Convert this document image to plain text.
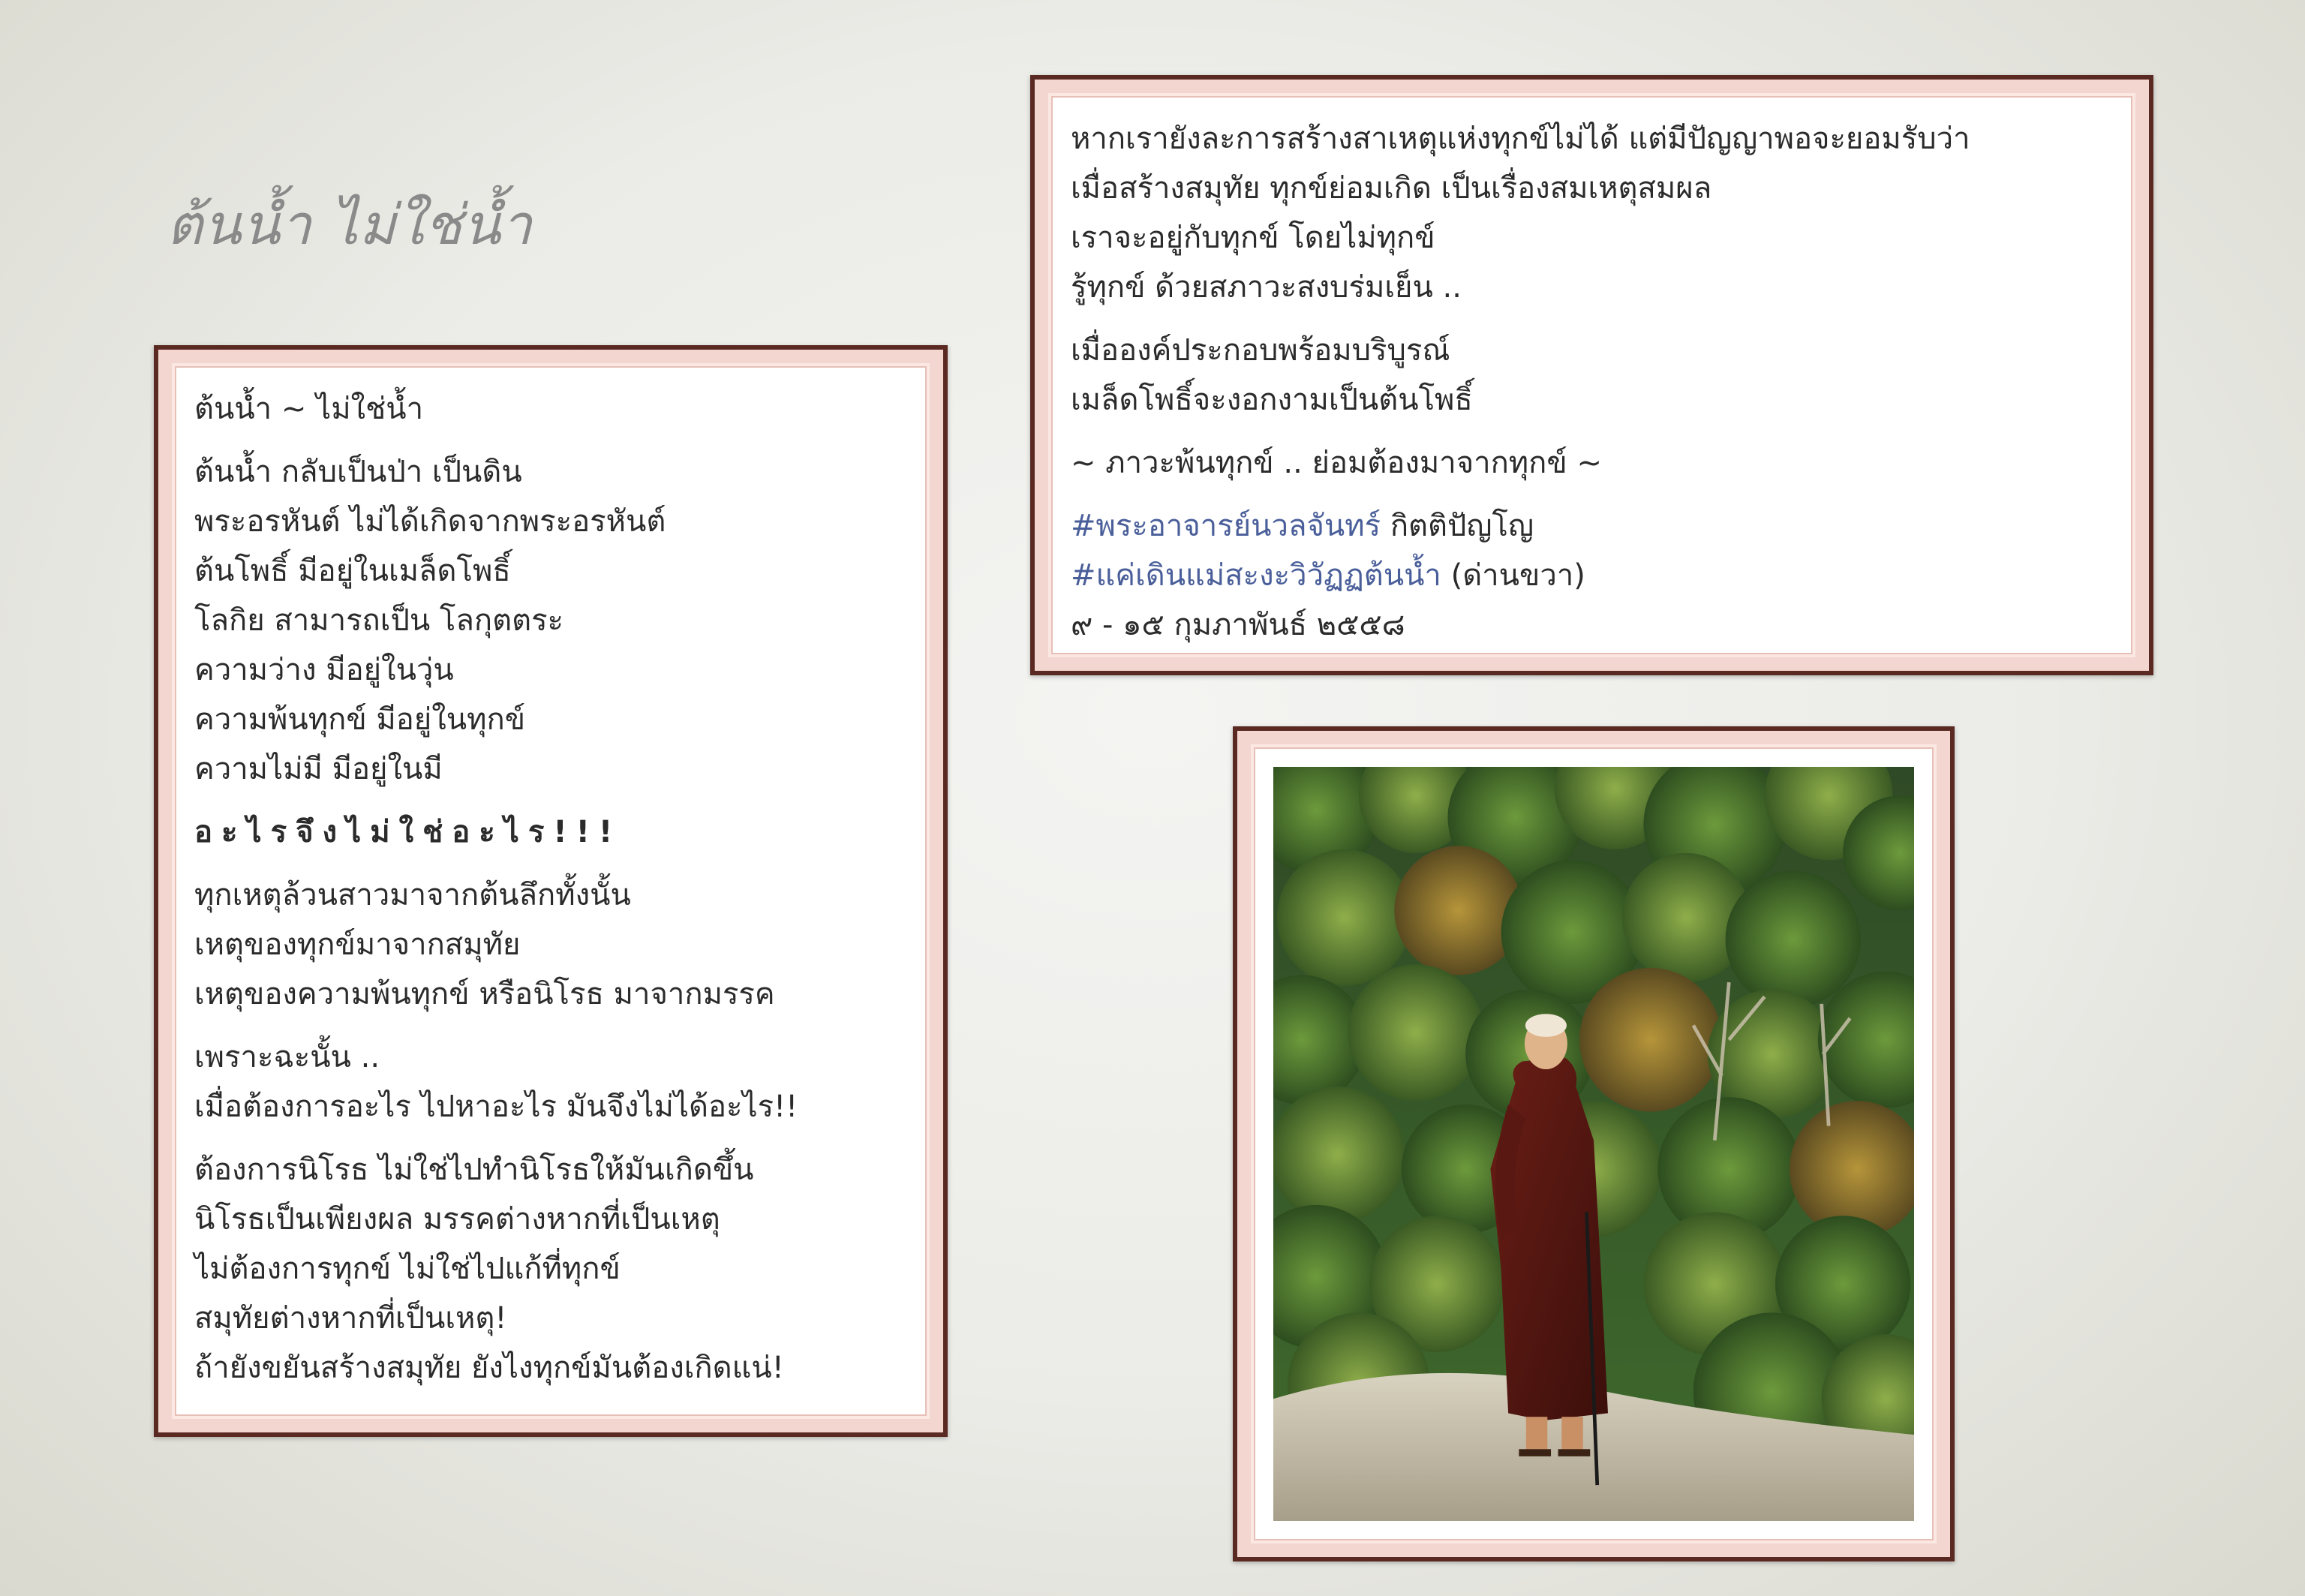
ต้นน้ำ ไม่ใช่น้ำ
ต้นน้ำ ~ ไม่ใช่น้ำ
ต้นน้ำ กลับเป็นป่า เป็นดิน
พระอรหันต์ ไม่ได้เกิดจากพระอรหันต์
ต้นโพธิ์ มีอยู่ในเมล็ดโพธิ์
โลกิย สามารถเป็น โลกุตตระ
ความว่าง มีอยู่ในวุ่น
ความพ้นทุกข์ มีอยู่ในทุกข์
ความไม่มี มีอยู่ในมี
อะไรจึงไม่ใช่อะไร!!!
ทุกเหตุล้วนสาวมาจากต้นลึกทั้งนั้น
เหตุของทุกข์มาจากสมุทัย
เหตุของความพ้นทุกข์ หรือนิโรธ มาจากมรรค
เพราะฉะนั้น ..
เมื่อต้องการอะไร ไปหาอะไร มันจึงไม่ได้อะไร!!
ต้องการนิโรธ ไม่ใช่ไปทำนิโรธให้มันเกิดขึ้น
นิโรธเป็นเพียงผล มรรคต่างหากที่เป็นเหตุ
ไม่ต้องการทุกข์ ไม่ใช่ไปแก้ที่ทุกข์
สมุทัยต่างหากที่เป็นเหตุ!
ถ้ายังขยันสร้างสมุทัย ยังไงทุกข์มันต้องเกิดแน่!
หากเรายังละการสร้างสาเหตุแห่งทุกข์ไม่ได้ แต่มีปัญญาพอจะยอมรับว่า
เมื่อสร้างสมุทัย ทุกข์ย่อมเกิด เป็นเรื่องสมเหตุสมผล
เราจะอยู่กับทุกข์ โดยไม่ทุกข์
รู้ทุกข์ ด้วยสภาวะสงบร่มเย็น ..
เมื่อองค์ประกอบพร้อมบริบูรณ์
เมล็ดโพธิ์จะงอกงามเป็นต้นโพธิ์
~ ภาวะพ้นทุกข์ .. ย่อมต้องมาจากทุกข์ ~
#พระอาจารย์นวลจันทร์ กิตติปัญโญ
#แค่เดินแม่สะงะวิวัฏฏต้นน้ำ (ด่านขวา)
๙ - ๑๕ กุมภาพันธ์ ๒๕๕๘
